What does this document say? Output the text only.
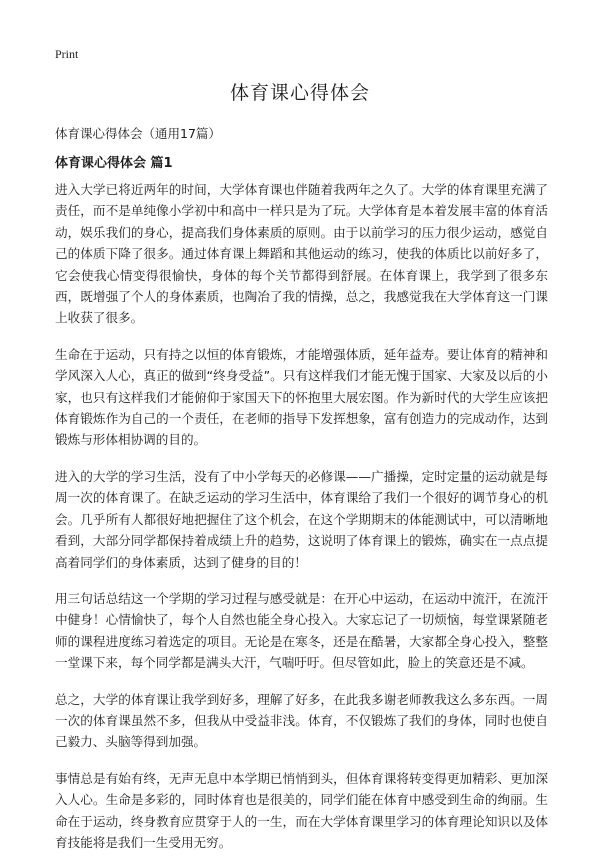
Print
体育课心得体会

体育课心得体会（通用17篇）

体育课心得体会 篇1

进入大学已将近两年的时间，大学体育课也伴随着我两年之久了。大学的体育课里充满了责任，而不是单纯像小学初中和高中一样只是为了玩。大学体育是本着发展丰富的体育活动，娱乐我们的身心，提高我们身体素质的原则。由于以前学习的压力很少运动，感觉自己的体质下降了很多。通过体育课上舞蹈和其他运动的练习，使我的体质比以前好多了，它会使我心情变得很愉快，身体的每个关节都得到舒展。在体育课上，我学到了很多东西，既增强了个人的身体素质，也陶冶了我的情操，总之，我感觉我在大学体育这一门课上收获了很多。

生命在于运动，只有持之以恒的体育锻炼，才能增强体质，延年益寿。要让体育的精神和学风深入人心，真正的做到“终身受益”。只有这样我们才能无愧于国家、大家及以后的小家，也只有这样我们才能俯仰于家国天下的怀抱里大展宏图。作为新时代的大学生应该把体育锻炼作为自己的一个责任，在老师的指导下发挥想象，富有创造力的完成动作，达到锻炼与形体相协调的目的。

进入的大学的学习生活，没有了中小学每天的必修课——广播操，定时定量的运动就是每周一次的体育课了。在缺乏运动的学习生活中，体育课给了我们一个很好的调节身心的机会。几乎所有人都很好地把握住了这个机会，在这个学期期末的体能测试中，可以清晰地看到，大部分同学都保持着成绩上升的趋势，这说明了体育课上的锻炼，确实在一点点提高着同学们的身体素质，达到了健身的目的！

用三句话总结这一个学期的学习过程与感受就是：在开心中运动，在运动中流汗，在流汗中健身！心情愉快了，每个人自然也能全身心投入。大家忘记了一切烦恼，每堂课紧随老师的课程进度练习着选定的项目。无论是在寒冬，还是在酷暑，大家都全身心投入，整整一堂课下来，每个同学都是满头大汗，气喘吁吁。但尽管如此，脸上的笑意还是不减。

总之，大学的体育课让我学到好多，理解了好多，在此我多谢老师教我这么多东西。一周一次的体育课虽然不多，但我从中受益非浅。体育，不仅锻炼了我们的身体，同时也使自己毅力、头脑等得到加强。

事情总是有始有终，无声无息中本学期已悄悄到头，但体育课将转变得更加精彩、更加深入人心。生命是多彩的，同时体育也是很美的，同学们能在体育中感受到生命的绚丽。生命在于运动，终身教育应贯穿于人的一生，而在大学体育课里学习的体育理论知识以及体育技能将是我们一生受用无穷。
